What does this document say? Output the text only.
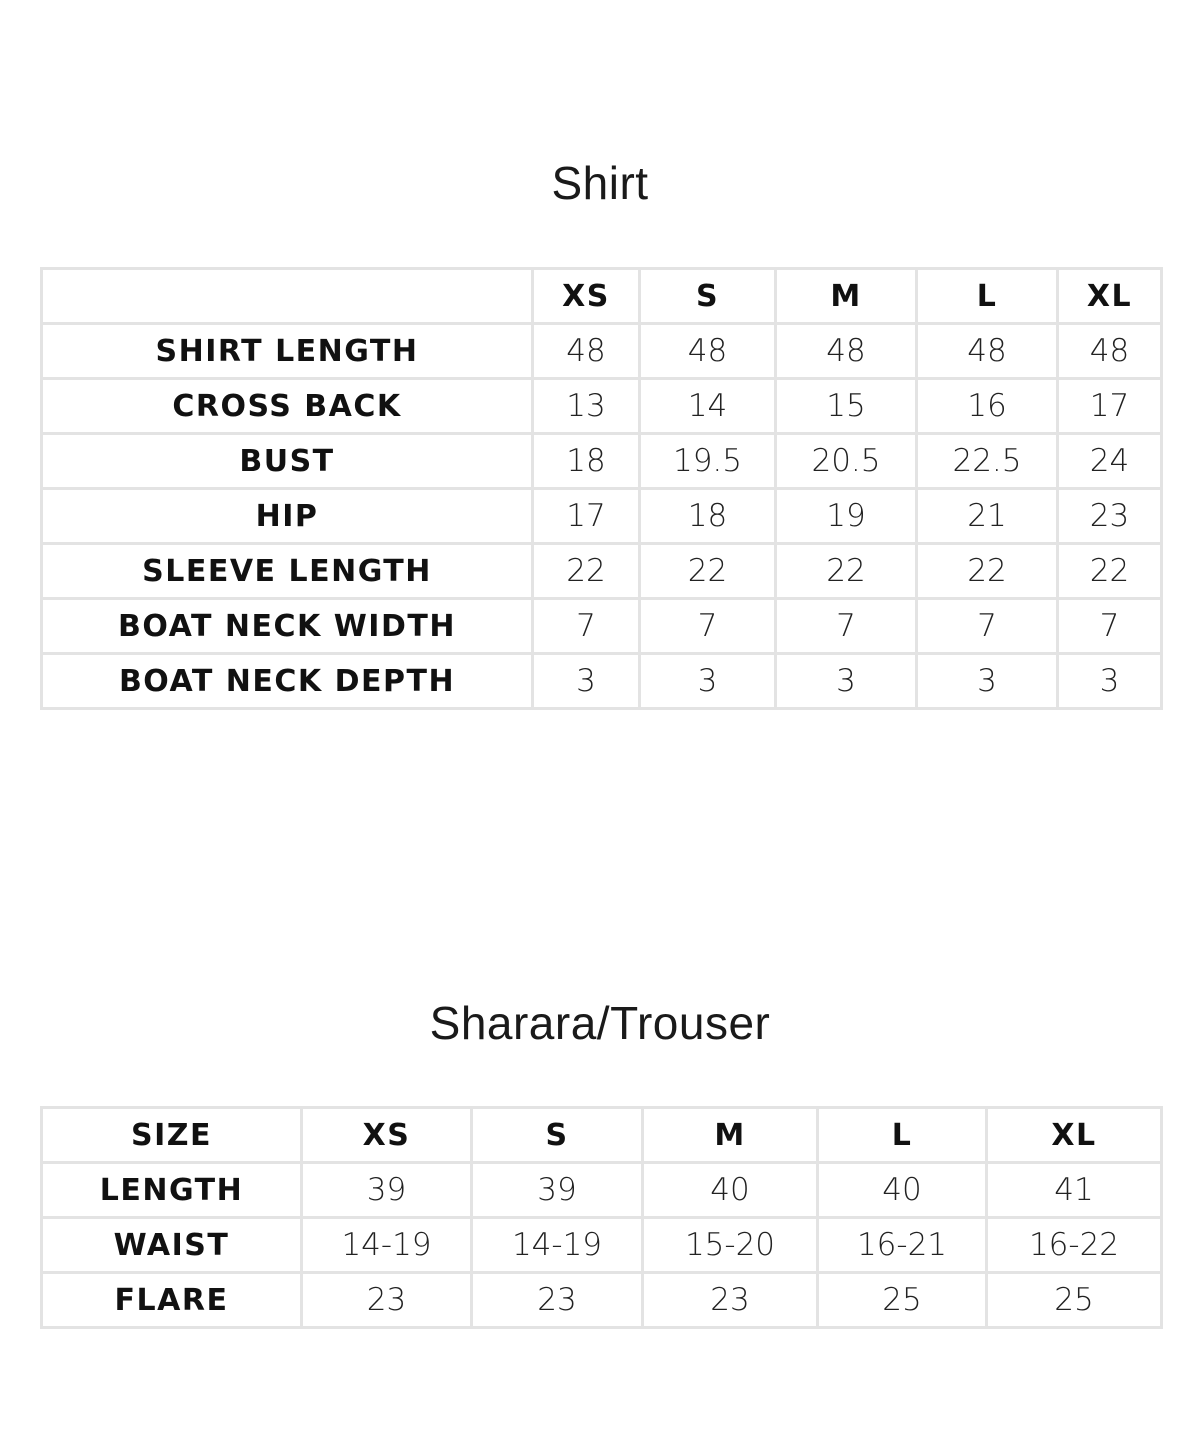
Shirt
	XS	S	M	L	XL
SHIRT LENGTH	48	48	48	48	48
CROSS BACK	13	14	15	16	17
BUST	18	19.5	20.5	22.5	24
HIP	17	18	19	21	23
SLEEVE LENGTH	22	22	22	22	22
BOAT NECK WIDTH	7	7	7	7	7
BOAT NECK DEPTH	3	3	3	3	3
Sharara/Trouser
SIZE	XS	S	M	L	XL
LENGTH	39	39	40	40	41
WAIST	14-19	14-19	15-20	16-21	16-22
FLARE	23	23	23	25	25
